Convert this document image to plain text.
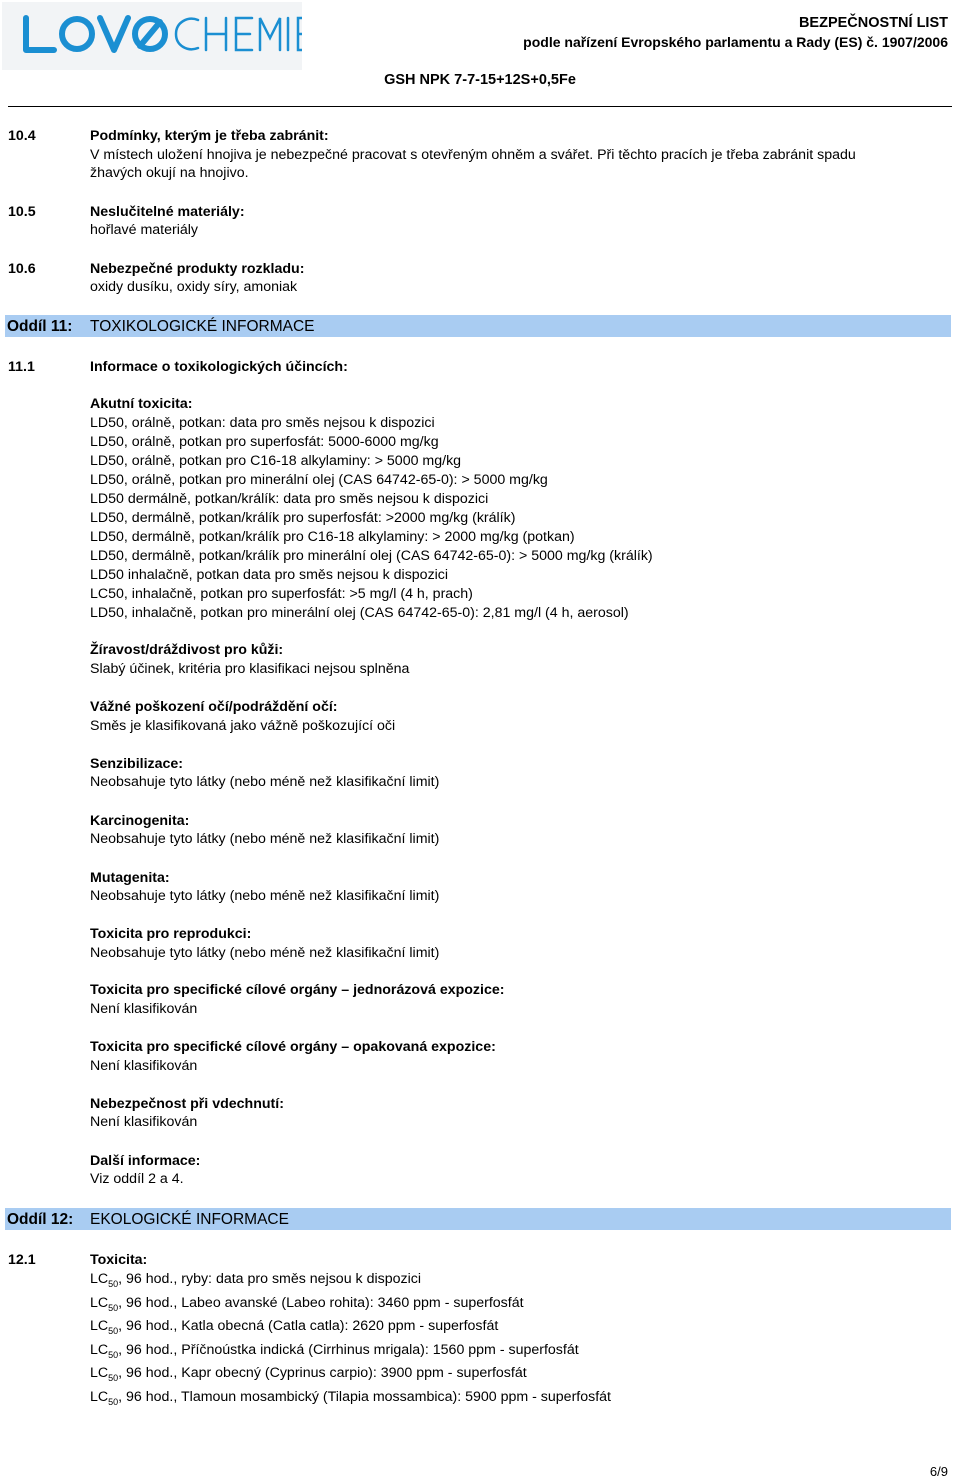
BEZPEČNOSTNÍ LIST
podle nařízení Evropského parlamentu a Rady (ES) č. 1907/2006
GSH NPK 7-7-15+12S+0,5Fe
10.4	Podmínky, kterým je třeba zabránit:
V místech uložení hnojiva je nebezpečné pracovat s otevřeným ohněm a svářet. Při těchto pracích je třeba zabránit spadu
žhavých okují na hnojivo.
10.5	Neslučitelné materiály:
hořlavé materiály
10.6	Nebezpečné produkty rozkladu:
oxidy dusíku, oxidy síry, amoniak
Oddíl 11: TOXIKOLOGICKÉ INFORMACE
11.1	Informace o toxikologických účincích:
Akutní toxicita:
LD50, orálně, potkan: data pro směs nejsou k dispozici
LD50, orálně, potkan pro superfosfát: 5000-6000 mg/kg
LD50, orálně, potkan pro C16-18 alkylaminy: > 5000 mg/kg
LD50, orálně, potkan pro minerální olej (CAS 64742-65-0): > 5000 mg/kg
LD50 dermálně, potkan/králík: data pro směs nejsou k dispozici
LD50, dermálně, potkan/králík pro superfosfát: >2000 mg/kg (králík)
LD50, dermálně, potkan/králík pro C16-18 alkylaminy: > 2000 mg/kg (potkan)
LD50, dermálně, potkan/králík pro minerální olej (CAS 64742-65-0): > 5000 mg/kg (králík)
LD50 inhalačně, potkan data pro směs nejsou k dispozici
LC50, inhalačně, potkan pro superfosfát: >5 mg/l (4 h, prach)
LD50, inhalačně, potkan pro minerální olej (CAS 64742-65-0): 2,81 mg/l (4 h, aerosol)
Žíravost/dráždivost pro kůži:
Slabý účinek, kritéria pro klasifikaci nejsou splněna
Vážné poškození očí/podráždění očí:
Směs je klasifikovaná jako vážně poškozující oči
Senzibilizace:
Neobsahuje tyto látky (nebo méně než klasifikační limit)
Karcinogenita:
Neobsahuje tyto látky (nebo méně než klasifikační limit)
Mutagenita:
Neobsahuje tyto látky (nebo méně než klasifikační limit)
Toxicita pro reprodukci:
Neobsahuje tyto látky (nebo méně než klasifikační limit)
Toxicita pro specifické cílové orgány – jednorázová expozice:
Není klasifikován
Toxicita pro specifické cílové orgány – opakovaná expozice:
Není klasifikován
Nebezpečnost při vdechnutí:
Není klasifikován
Další informace:
Viz oddíl 2 a 4.
Oddíl 12: EKOLOGICKÉ INFORMACE
12.1	Toxicita:
$LC_{50}$, 96 hod., ryby: data pro směs nejsou k dispozici
$LC_{50}$, 96 hod., Labeo avanské (Labeo rohita): 3460 ppm - superfosfát
$LC_{50}$, 96 hod., Katla obecná (Catla catla): 2620 ppm - superfosfát
$LC_{50}$, 96 hod., Příčnoústka indická (Cirrhinus mrigala): 1560 ppm - superfosfát
$LC_{50}$, 96 hod., Kapr obecný (Cyprinus carpio): 3900 ppm - superfosfát
$LC_{50}$, 96 hod., Tlamoun mosambický (Tilapia mossambica): 5900 ppm - superfosfát
6/9
